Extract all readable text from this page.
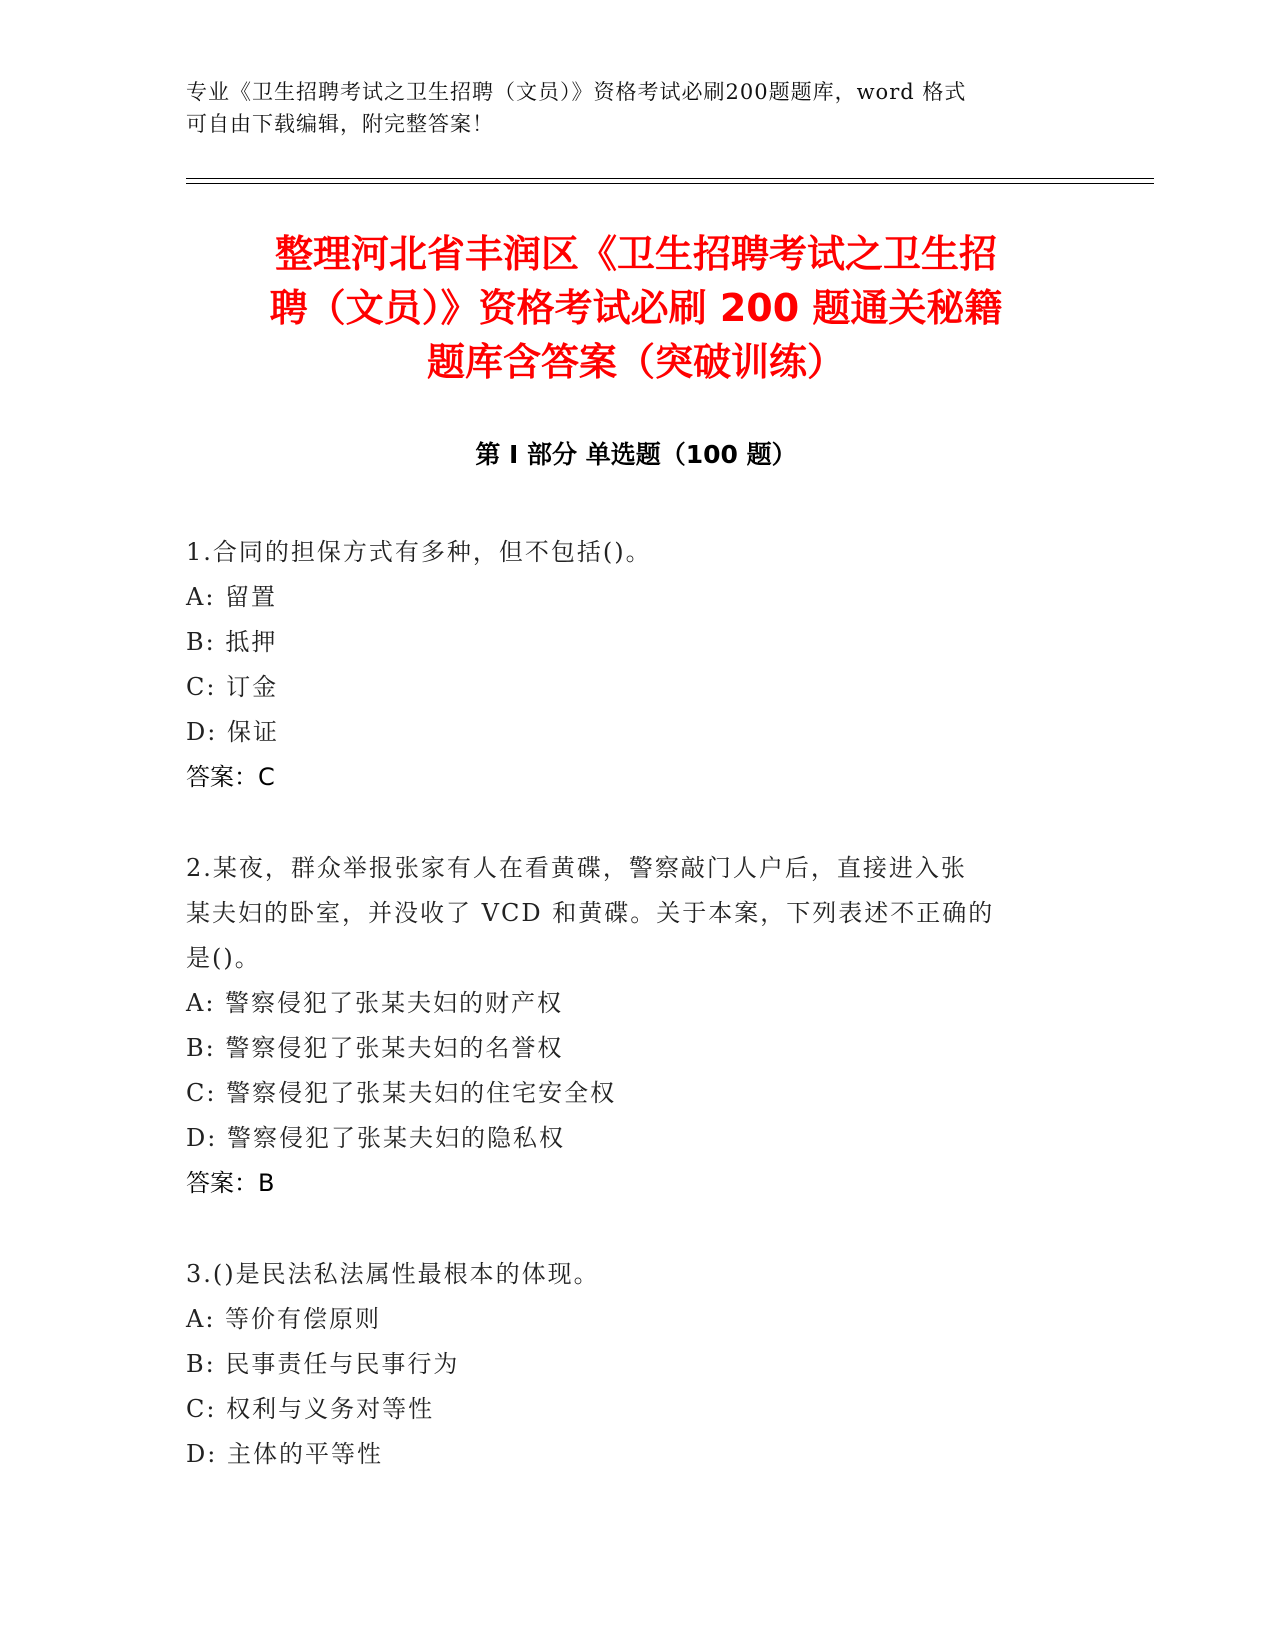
专业《卫生招聘考试之卫生招聘（文员）》资格考试必刷200题题库，word 格式
可自由下载编辑，附完整答案！
整理河北省丰润区《卫生招聘考试之卫生招
聘（文员）》资格考试必刷 200 题通关秘籍
题库含答案（突破训练）
第 I 部分 单选题（100 题）

1.合同的担保方式有多种，但不包括()。

A: 留置

B: 抵押

C: 订金

D: 保证

答案：C

2.某夜，群众举报张家有人在看黄碟，警察敲门人户后，直接进入张

某夫妇的卧室，并没收了 VCD 和黄碟。关于本案，下列表述不正确的

是()。

A: 警察侵犯了张某夫妇的财产权

B: 警察侵犯了张某夫妇的名誉权

C: 警察侵犯了张某夫妇的住宅安全权

D: 警察侵犯了张某夫妇的隐私权

答案：B

3.()是民法私法属性最根本的体现。

A: 等价有偿原则

B: 民事责任与民事行为

C: 权利与义务对等性

D: 主体的平等性
